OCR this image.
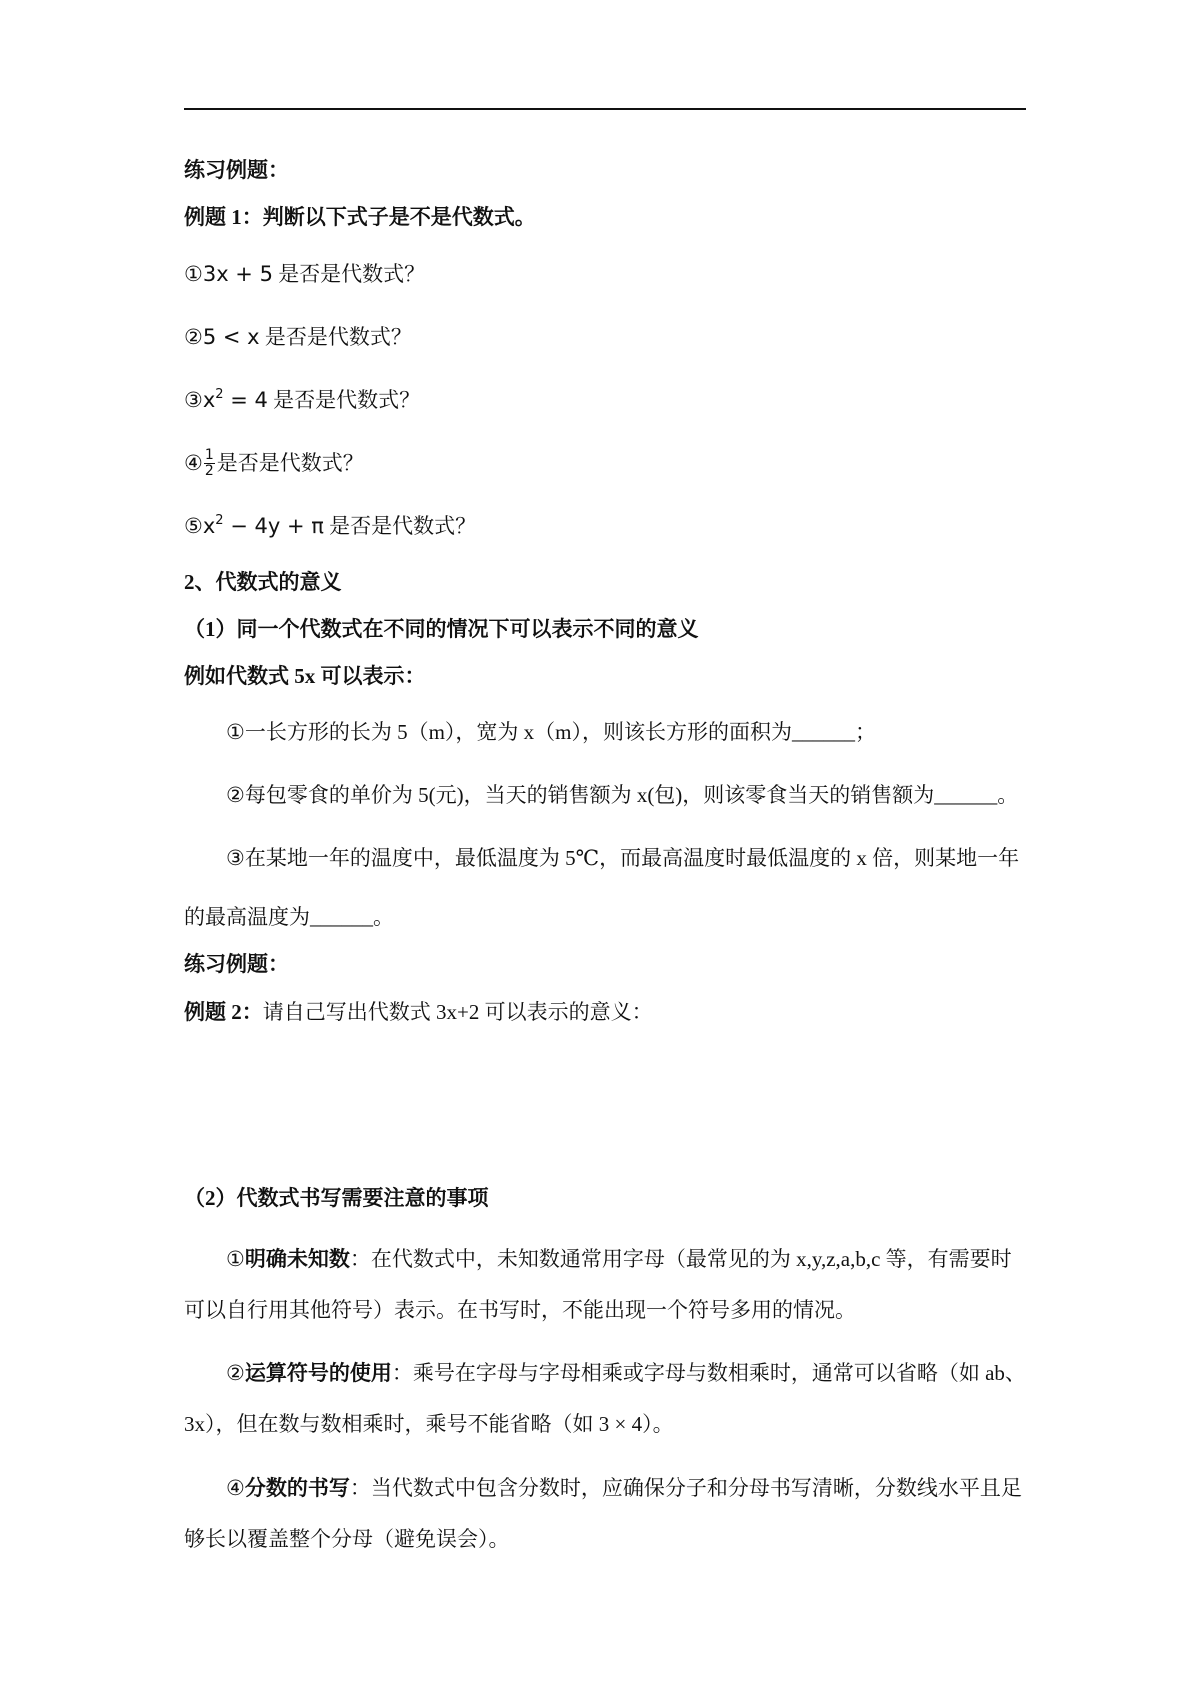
练习例题：
例题 1：判断以下式子是不是代数式。
①3x + 5 是否是代数式？
②5 < x 是否是代数式？
$③x^2 = 4$ 是否是代数式？
④ $\frac{1}{2}$ 是否是代数式？
$⑤x^2 - 4y + \pi$ 是否是代数式？
2、代数式的意义
（1）同一个代数式在不同的情况下可以表示不同的意义
例如代数式 5x 可以表示：
①一长方形的长为 5（m），宽为 x（m），则该长方形的面积为______；
②每包零食的单价为 5(元)，当天的销售额为 x(包)，则该零食当天的销售额为______。
③在某地一年的温度中，最低温度为 5℃，而最高温度时最低温度的 x 倍，则某地一年
的最高温度为______。
练习例题：
例题 2：请自己写出代数式 3x+2 可以表示的意义：
（2）代数式书写需要注意的事项
①明确未知数：在代数式中，未知数通常用字母（最常见的为 x,y,z,a,b,c 等，有需要时
可以自行用其他符号）表示。在书写时，不能出现一个符号多用的情况。
②运算符号的使用：乘号在字母与字母相乘或字母与数相乘时，通常可以省略（如 ab、
3x），但在数与数相乘时，乘号不能省略（如 3 × 4）。
④分数的书写：当代数式中包含分数时，应确保分子和分母书写清晰，分数线水平且足
够长以覆盖整个分母（避免误会）。
